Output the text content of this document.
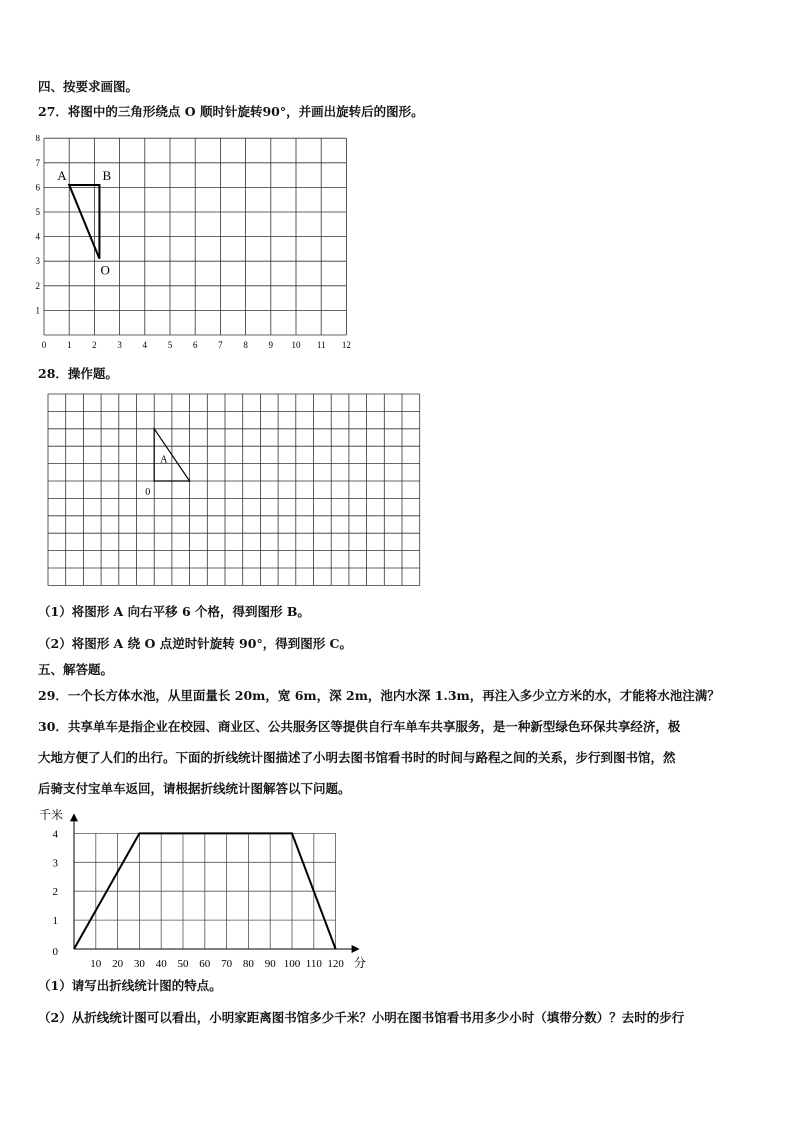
四、按要求画图。
27．将图中的三角形绕点 O 顺时针旋转90°，并画出旋转后的图形。
0 1 2 3 4 5 6 7 8 9 10 11 12
1
2
3
4
5
6
7
8
A	B
O
28．操作题。
A
0
（1）将图形 A 向右平移 6 个格，得到图形 B。
（2）将图形 A 绕 O 点逆时针旋转 90°，得到图形 C。
五、解答题。
29．一个长方体水池，从里面量长 20m，宽 6m，深 2m，池内水深 1.3m，再注入多少立方米的水，才能将水池注满？
30．共享单车是指企业在校园、商业区、公共服务区等提供自行车单车共享服务，是一种新型绿色环保共享经济，极
大地方便了人们的出行。下面的折线统计图描述了小明去图书馆看书时的时间与路程之间的关系，步行到图书馆，然
后骑支付宝单车返回，请根据折线统计图解答以下问题。
千米
分
10 20 30 40 50 60 70 80 90 100 110 120
0
1
2
3
4
（1）请写出折线统计图的特点。
（2）从折线统计图可以看出，小明家距离图书馆多少千米？小明在图书馆看书用多少小时（填带分数）？去时的步行
